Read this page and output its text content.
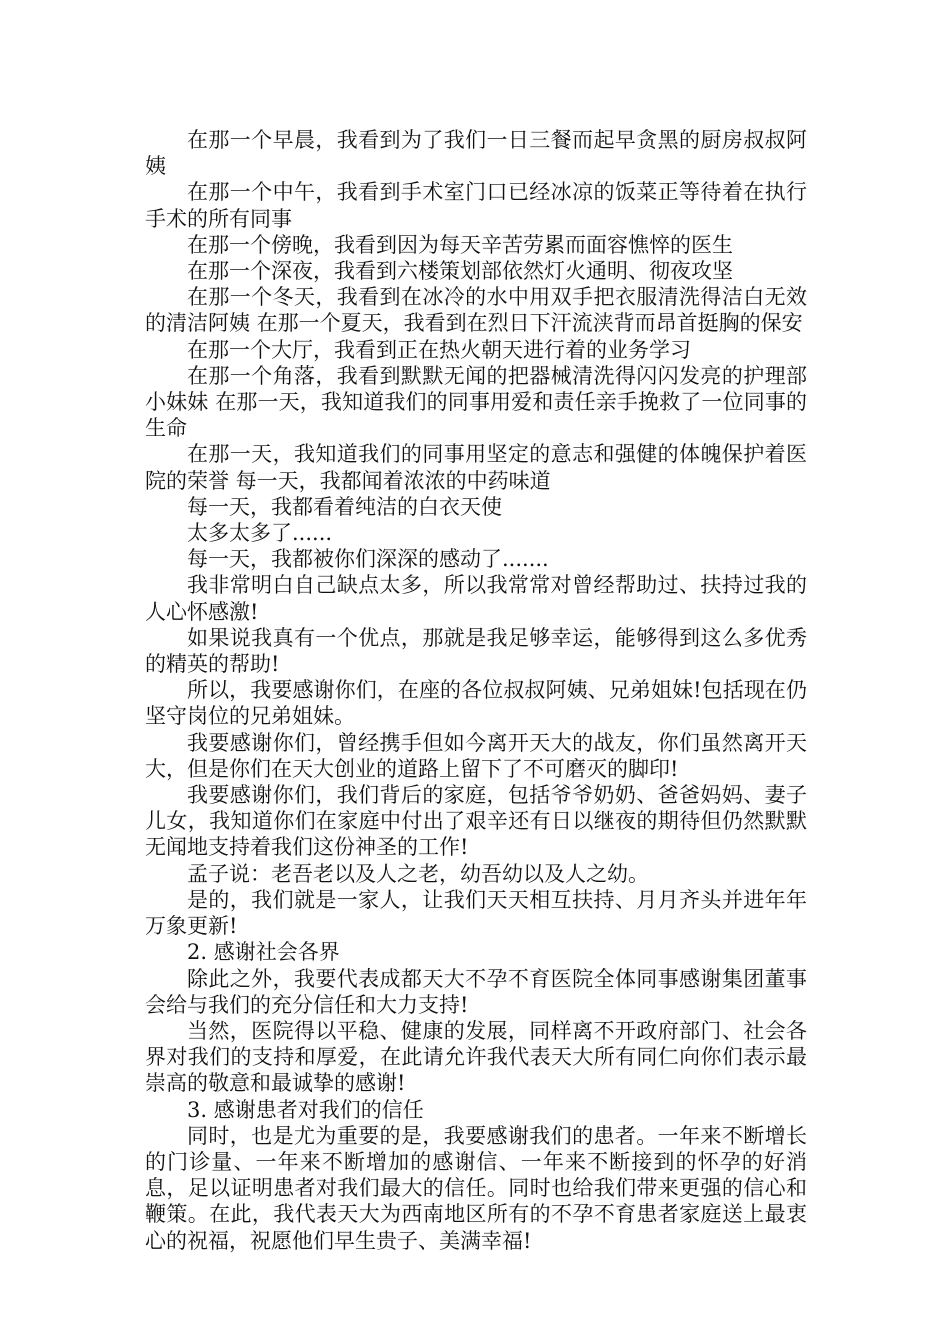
在那一个早晨，我看到为了我们一日三餐而起早贪黑的厨房叔叔阿姨

在那一个中午，我看到手术室门口已经冰凉的饭菜正等待着在执行手术的所有同事

在那一个傍晚，我看到因为每天辛苦劳累而面容憔悴的医生

在那一个深夜，我看到六楼策划部依然灯火通明、彻夜攻坚

在那一个冬天，我看到在冰冷的水中用双手把衣服清洗得洁白无效的清洁阿姨 在那一个夏天，我看到在烈日下汗流浃背而昂首挺胸的保安

在那一个大厅，我看到正在热火朝天进行着的业务学习

在那一个角落，我看到默默无闻的把器械清洗得闪闪发亮的护理部小妹妹 在那一天，我知道我们的同事用爱和责任亲手挽救了一位同事的生命

在那一天，我知道我们的同事用坚定的意志和强健的体魄保护着医院的荣誉 每一天，我都闻着浓浓的中药味道

每一天，我都看着纯洁的白衣天使

太多太多了......

每一天，我都被你们深深的感动了.......

我非常明白自己缺点太多，所以我常常对曾经帮助过、扶持过我的人心怀感激!

如果说我真有一个优点，那就是我足够幸运，能够得到这么多优秀的精英的帮助!

所以，我要感谢你们，在座的各位叔叔阿姨、兄弟姐妹!包括现在仍坚守岗位的兄弟姐妹。

我要感谢你们，曾经携手但如今离开天大的战友，你们虽然离开天大，但是你们在天大创业的道路上留下了不可磨灭的脚印!

我要感谢你们，我们背后的家庭，包括爷爷奶奶、爸爸妈妈、妻子儿女，我知道你们在家庭中付出了艰辛还有日以继夜的期待但仍然默默无闻地支持着我们这份神圣的工作!

孟子说：老吾老以及人之老，幼吾幼以及人之幼。

是的，我们就是一家人，让我们天天相互扶持、月月齐头并进年年万象更新!

2. 感谢社会各界

除此之外，我要代表成都天大不孕不育医院全体同事感谢集团董事会给与我们的充分信任和大力支持!

当然，医院得以平稳、健康的发展，同样离不开政府部门、社会各界对我们的支持和厚爱，在此请允许我代表天大所有同仁向你们表示最崇高的敬意和最诚挚的感谢!

3. 感谢患者对我们的信任

同时，也是尤为重要的是，我要感谢我们的患者。一年来不断增长的门诊量、一年来不断增加的感谢信、一年来不断接到的怀孕的好消息，足以证明患者对我们最大的信任。同时也给我们带来更强的信心和鞭策。在此，我代表天大为西南地区所有的不孕不育患者家庭送上最衷心的祝福，祝愿他们早生贵子、美满幸福!
